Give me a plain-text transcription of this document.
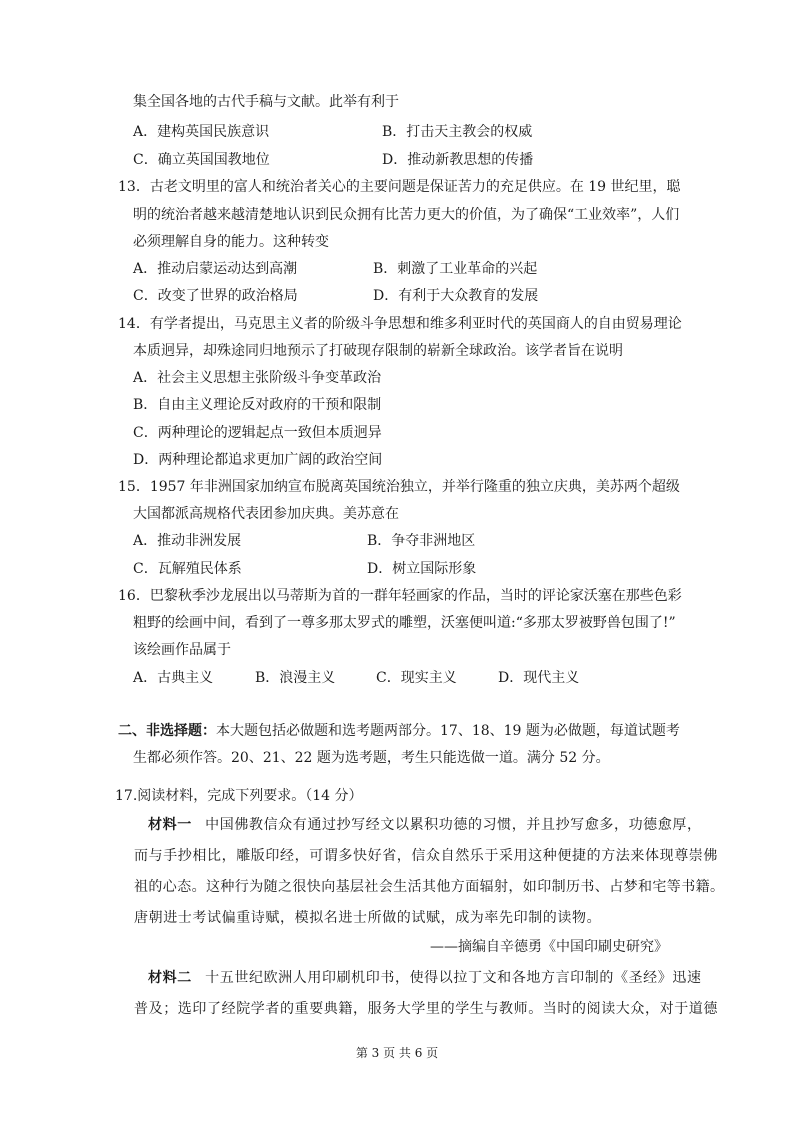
集全国各地的古代手稿与文献。此举有利于
A．建构英国民族意识	B．打击天主教会的权威
C．确立英国国教地位	D．推动新教思想的传播
13．古老文明里的富人和统治者关心的主要问题是保证苦力的充足供应。在 19 世纪里，聪
明的统治者越来越清楚地认识到民众拥有比苦力更大的价值，为了确保“工业效率”，人们
必须理解自身的能力。这种转变
A．推动启蒙运动达到高潮	B．刺激了工业革命的兴起
C．改变了世界的政治格局	D．有利于大众教育的发展
14．有学者提出，马克思主义者的阶级斗争思想和维多利亚时代的英国商人的自由贸易理论
本质迥异，却殊途同归地预示了打破现存限制的崭新全球政治。该学者旨在说明
A．社会主义思想主张阶级斗争变革政治
B．自由主义理论反对政府的干预和限制
C．两种理论的逻辑起点一致但本质迥异
D．两种理论都追求更加广阔的政治空间
15．1957 年非洲国家加纳宣布脱离英国统治独立，并举行隆重的独立庆典，美苏两个超级
大国都派高规格代表团参加庆典。美苏意在
A．推动非洲发展	B．争夺非洲地区
C．瓦解殖民体系	D．树立国际形象
16．巴黎秋季沙龙展出以马蒂斯为首的一群年轻画家的作品，当时的评论家沃塞在那些色彩
粗野的绘画中间，看到了一尊多那太罗式的雕塑，沃塞便叫道:“多那太罗被野兽包围了!”
该绘画作品属于
A．古典主义	B．浪漫主义	C．现实主义	D．现代主义
二、非选择题：本大题包括必做题和选考题两部分。17、18、19 题为必做题，每道试题考
生都必须作答。20、21、22 题为选考题，考生只能选做一道。满分 52 分。
17.阅读材料，完成下列要求。（14 分）
材料一 中国佛教信众有通过抄写经文以累积功德的习惯，并且抄写愈多，功德愈厚，
而与手抄相比，雕版印经，可谓多快好省，信众自然乐于采用这种便捷的方法来体现尊崇佛
祖的心态。这种行为随之很快向基层社会生活其他方面辐射，如印制历书、占梦和宅等书籍。
唐朝进士考试偏重诗赋，模拟名进士所做的试赋，成为率先印制的读物。
——摘编自辛德勇《中国印刷史研究》
材料二 十五世纪欧洲人用印刷机印书，使得以拉丁文和各地方言印制的《圣经》迅速
普及；选印了经院学者的重要典籍，服务大学里的学生与教师。当时的阅读大众，对于道德
第 3 页 共 6 页
